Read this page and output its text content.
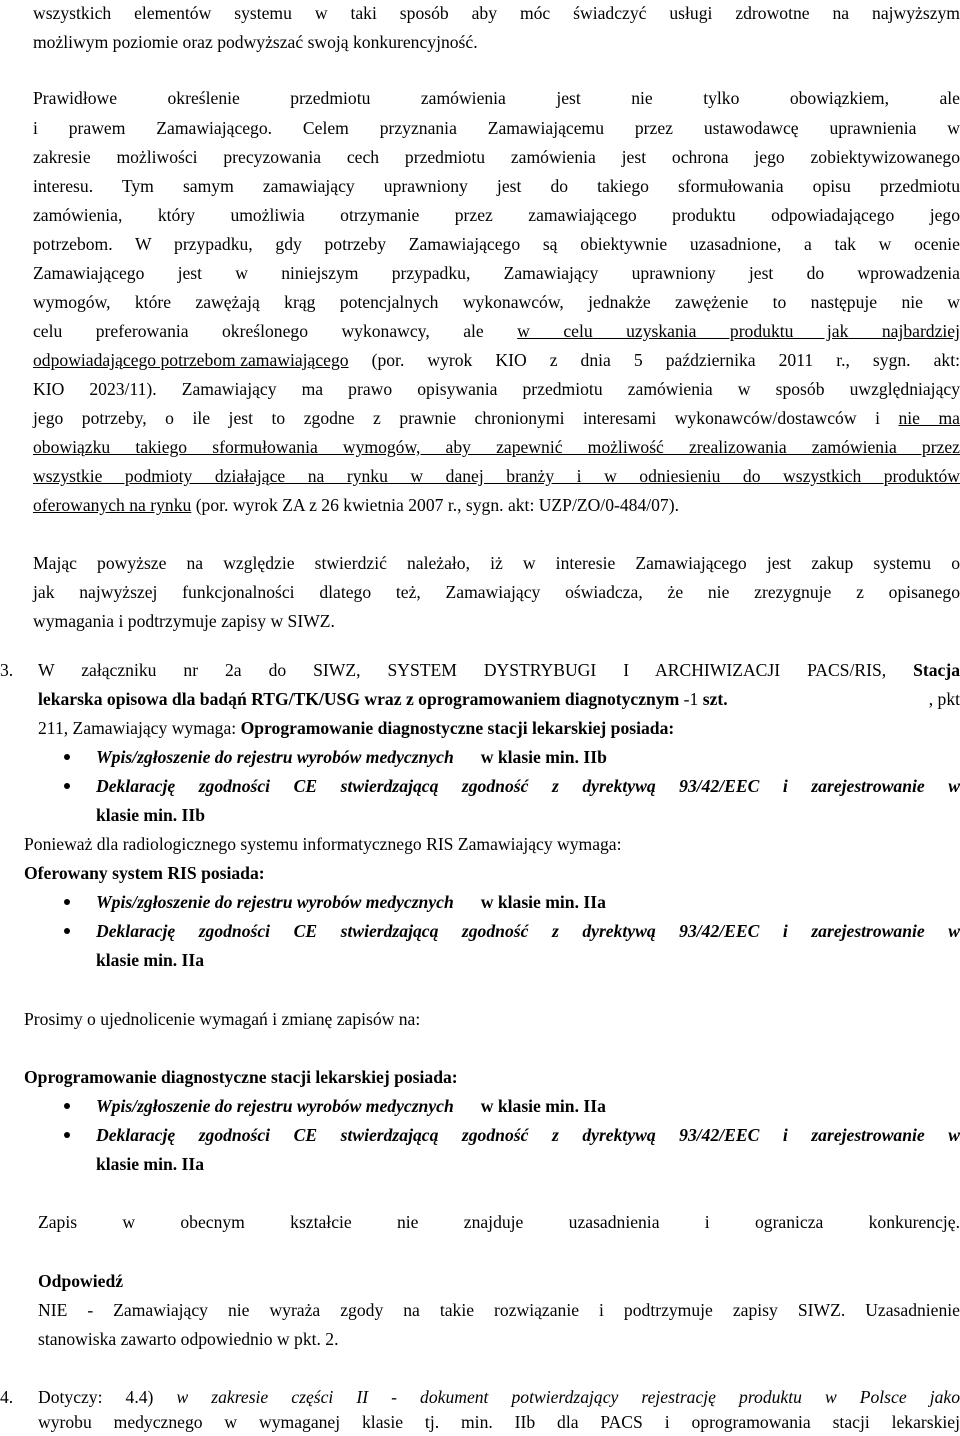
wszystkich elementów systemu w taki sposób aby móc świadczyć usługi zdrowotne na najwyższym
możliwym poziomie oraz podwyższać swoją konkurencyjność.
Prawidłowe określenie przedmiotu zamówienia jest nie tylko obowiązkiem, ale
i prawem Zamawiającego. Celem przyznania Zamawiającemu przez ustawodawcę uprawnienia w
zakresie możliwości precyzowania cech przedmiotu zamówienia jest ochrona jego zobiektywizowanego
interesu. Tym samym zamawiający uprawniony jest do takiego sformułowania opisu przedmiotu
zamówienia, który umożliwia otrzymanie przez zamawiającego produktu odpowiadającego jego
potrzebom. W przypadku, gdy potrzeby Zamawiającego są obiektywnie uzasadnione, a tak w ocenie
Zamawiającego jest w niniejszym przypadku, Zamawiający uprawniony jest do wprowadzenia
wymogów, które zawężają krąg potencjalnych wykonawców, jednakże zawężenie to następuje nie w
celu preferowania określonego wykonawcy, ale w celu uzyskania produktu jak najbardziej
odpowiadającego potrzebom zamawiającego (por. wyrok KIO z dnia 5 października 2011 r., sygn. akt:
KIO 2023/11). Zamawiający ma prawo opisywania przedmiotu zamówienia w sposób uwzględniający
jego potrzeby, o ile jest to zgodne z prawnie chronionymi interesami wykonawców/dostawców i nie ma
obowiązku takiego sformułowania wymogów, aby zapewnić możliwość zrealizowania zamówienia przez
wszystkie podmioty działające na rynku w danej branży i w odniesieniu do wszystkich produktów
oferowanych na rynku (por. wyrok ZA z 26 kwietnia 2007 r., sygn. akt: UZP/ZO/0-484/07).
Mając powyższe na względzie stwierdzić należało, iż w interesie Zamawiającego jest zakup systemu o
jak najwyższej funkcjonalności dlatego też, Zamawiający oświadcza, że nie zrezygnuje z opisanego
wymagania i podtrzymuje zapisy w SIWZ.
3. W załączniku nr 2a do SIWZ, SYSTEM DYSTRYBUGI I ARCHIWIZACJI PACS/RIS, Stacja
lekarska opisowa dla badąń RTG/TK/USG wraz z oprogramowaniem diagnotycznym -1 szt.	, pkt
211, Zamawiający wymaga: Oprogramowanie diagnostyczne stacji lekarskiej posiada:
Wpis/zgłoszenie do rejestru wyrobów medycznych w klasie min. IIb
Deklarację zgodności CE stwierdzającą zgodność z dyrektywą 93/42/EEC i zarejestrowanie w
klasie min. IIb
Ponieważ dla radiologicznego systemu informatycznego RIS Zamawiający wymaga:
Oferowany system RIS posiada:
Wpis/zgłoszenie do rejestru wyrobów medycznych w klasie min. IIa
Deklarację zgodności CE stwierdzającą zgodność z dyrektywą 93/42/EEC i zarejestrowanie w
klasie min. IIa
Prosimy o ujednolicenie wymagań i zmianę zapisów na:
Oprogramowanie diagnostyczne stacji lekarskiej posiada:
Wpis/zgłoszenie do rejestru wyrobów medycznych w klasie min. IIa
Deklarację zgodności CE stwierdzającą zgodność z dyrektywą 93/42/EEC i zarejestrowanie w
klasie min. IIa
Zapis w obecnym kształcie nie znajduje uzasadnienia i ogranicza konkurencję.
Odpowiedź
NIE - Zamawiający nie wyraża zgody na takie rozwiązanie i podtrzymuje zapisy SIWZ. Uzasadnienie
stanowiska zawarto odpowiednio w pkt. 2.
4. Dotyczy: 4.4) w zakresie części II - dokument potwierdzający rejestrację produktu w Polsce jako
wyrobu medycznego w wymaganej klasie tj. min. IIb dla PACS i oprogramowania stacji lekarskiej
